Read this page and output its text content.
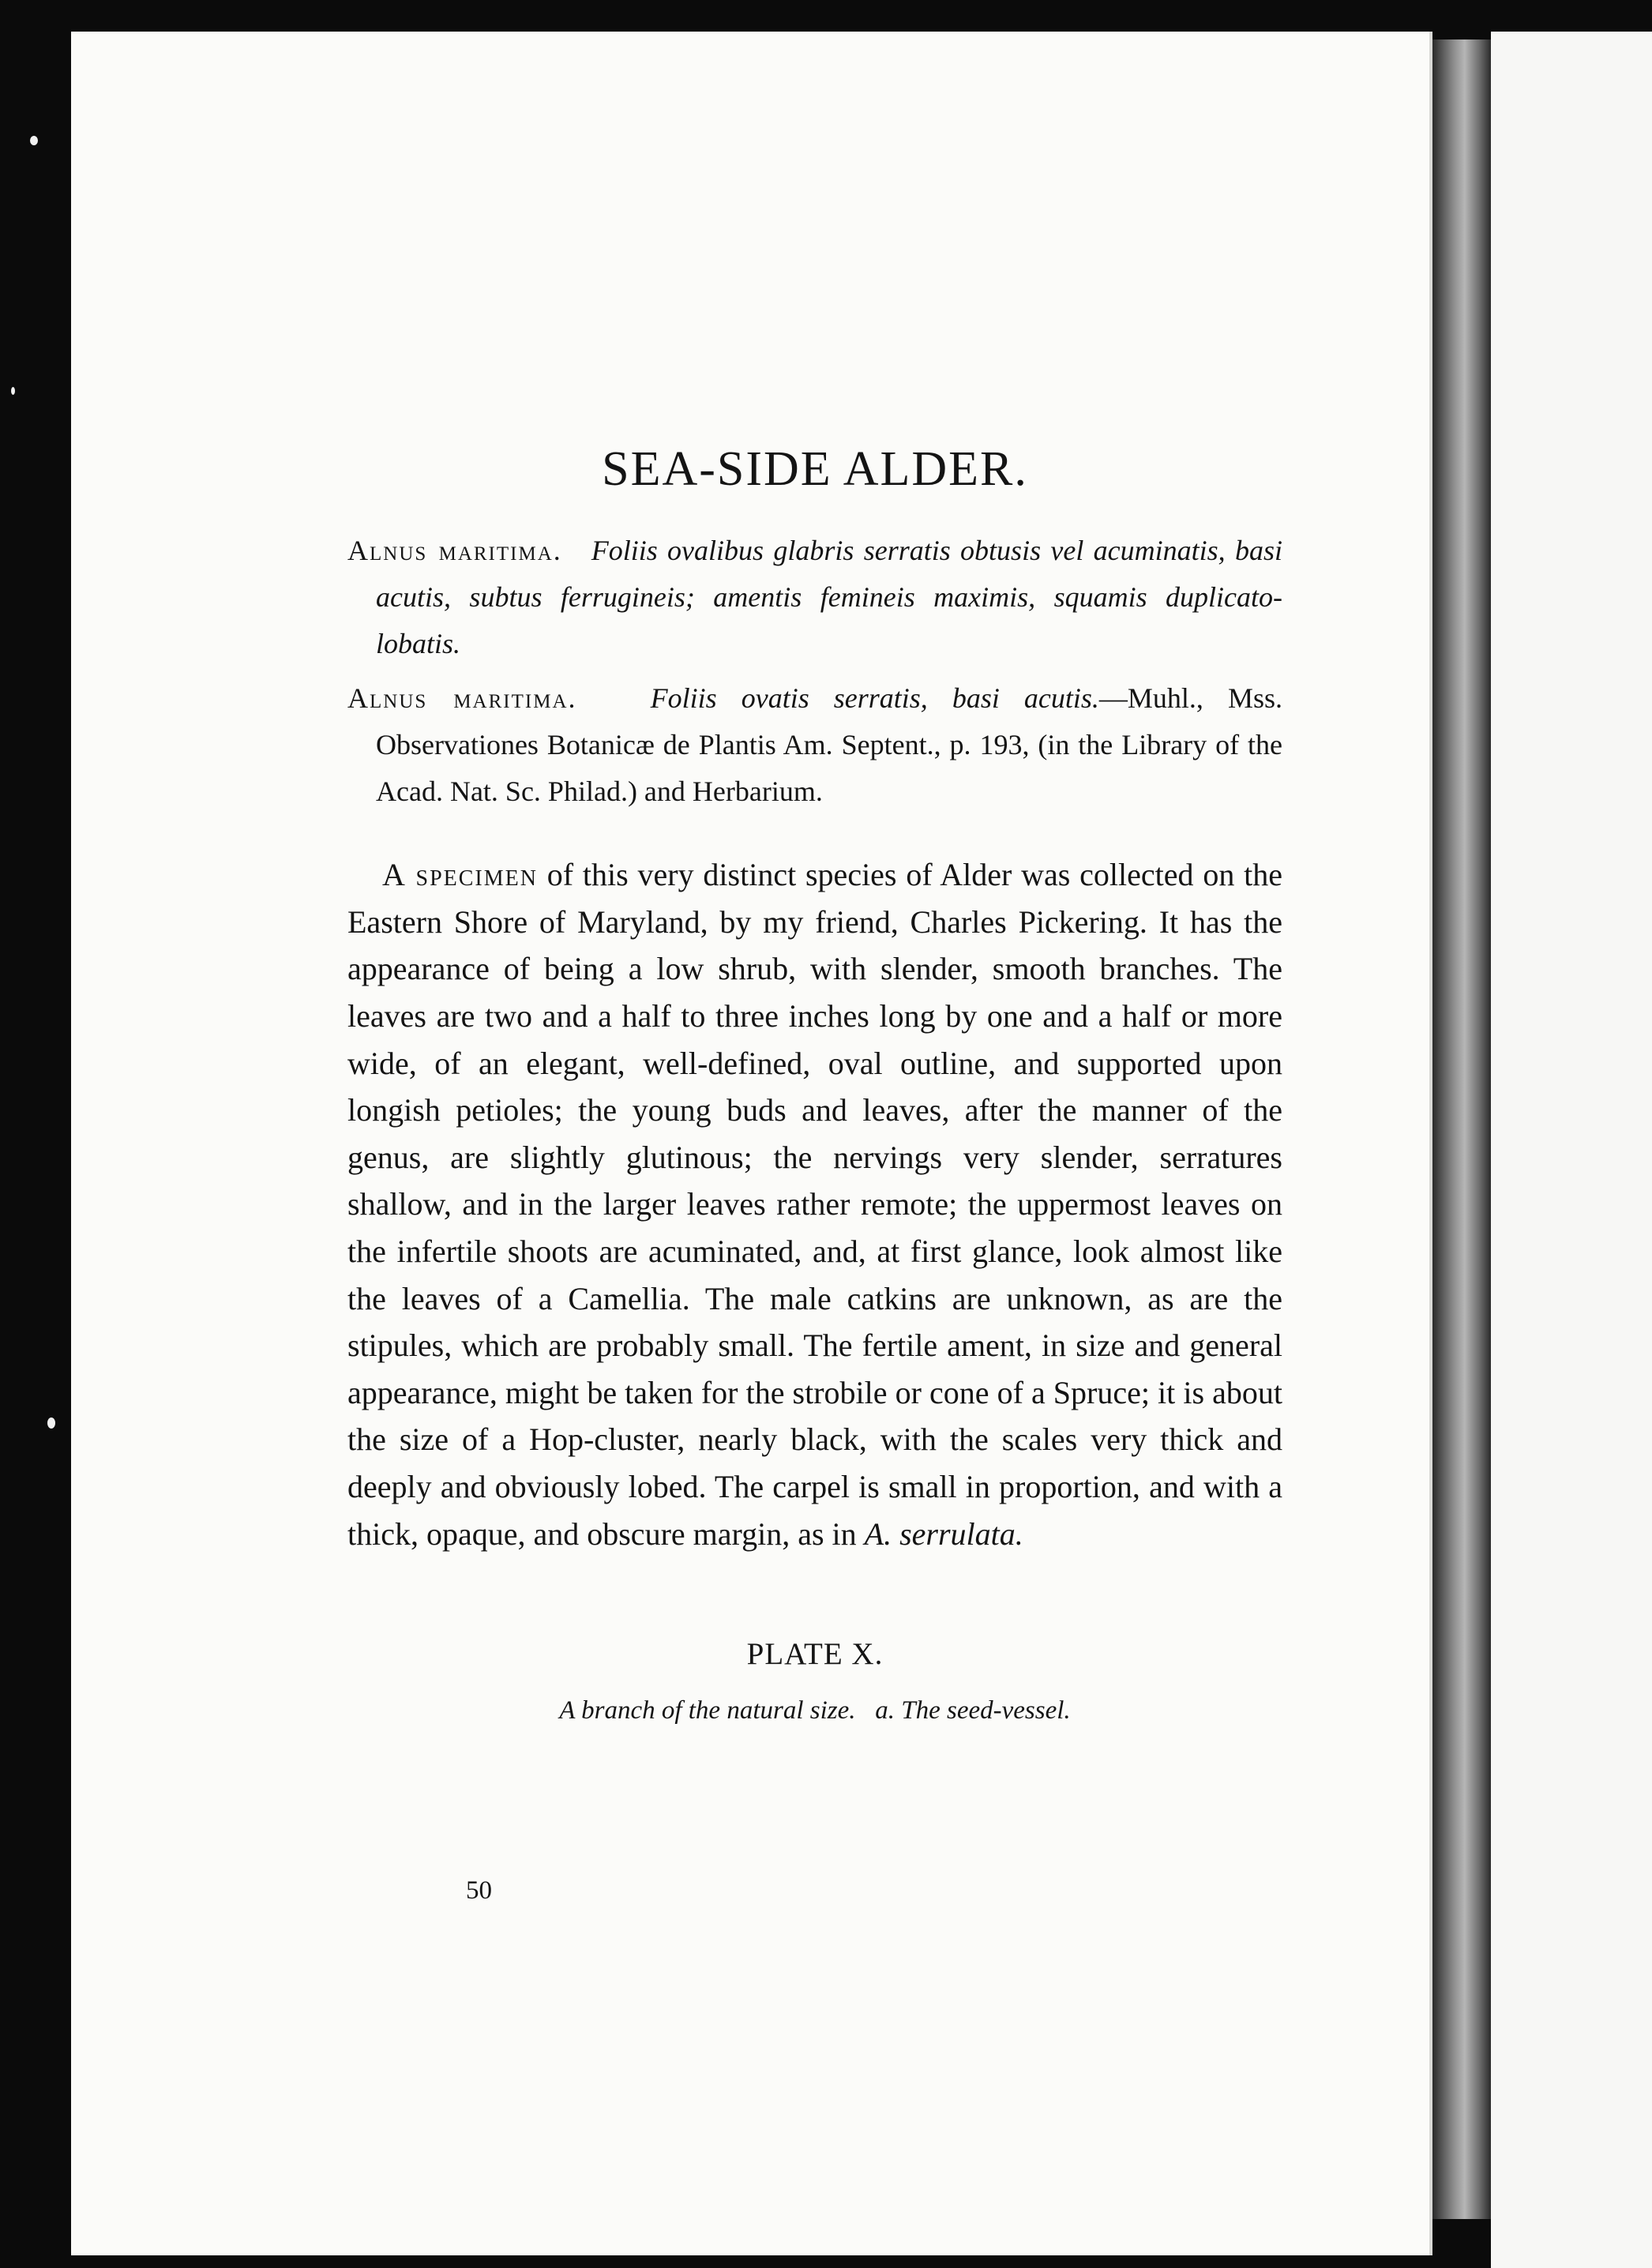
SEA-SIDE ALDER.

Alnus maritima. Foliis ovalibus glabris serratis obtusis vel acuminatis, basi acutis, subtus ferrugineis; amentis femineis maximis, squamis duplicato-lobatis.

Alnus maritima.	Foliis ovatis serratis, basi acutis.—Muhl., Mss. Observationes Botanicæ de Plantis Am. Septent., p. 193, (in the Library of the Acad. Nat. Sc. Philad.) and Herbarium.

A specimen of this very distinct species of Alder was collected on the Eastern Shore of Maryland, by my friend, Charles Pickering. It has the appearance of being a low shrub, with slender, smooth branches. The leaves are two and a half to three inches long by one and a half or more wide, of an elegant, well-defined, oval outline, and supported upon longish petioles; the young buds and leaves, after the manner of the genus, are slightly glutinous; the nervings very slender, serratures shallow, and in the larger leaves rather remote; the uppermost leaves on the infertile shoots are acuminated, and, at first glance, look almost like the leaves of a Camellia. The male catkins are unknown, as are the stipules, which are probably small. The fertile ament, in size and general appearance, might be taken for the strobile or cone of a Spruce; it is about the size of a Hop-cluster, nearly black, with the scales very thick and deeply and obviously lobed. The carpel is small in proportion, and with a thick, opaque, and obscure margin, as in A. serrulata.

PLATE X.
A branch of the natural size.   a. The seed-vessel.
50
